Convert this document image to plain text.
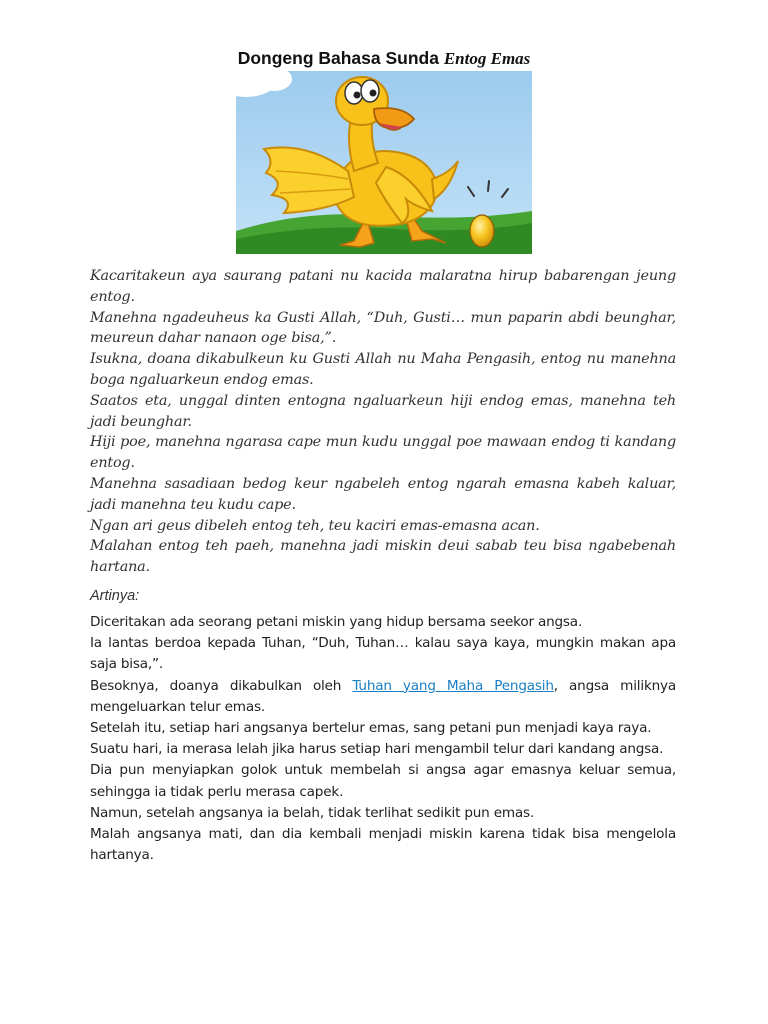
Dongeng Bahasa Sunda Entog Emas

Kacaritakeun aya saurang patani nu kacida malaratna hirup babarengan jeung entog.

Manehna ngadeuheus ka Gusti Allah, “Duh, Gusti… mun paparin abdi beunghar, meureun dahar nanaon oge bisa,”.

Isukna, doana dikabulkeun ku Gusti Allah nu Maha Pengasih, entog nu manehna boga ngaluarkeun endog emas.

Saatos eta, unggal dinten entogna ngaluarkeun hiji endog emas, manehna teh jadi beunghar.

Hiji poe, manehna ngarasa cape mun kudu unggal poe mawaan endog ti kandang entog.

Manehna sasadiaan bedog keur ngabeleh entog ngarah emasna kabeh kaluar, jadi manehna teu kudu cape.

Ngan ari geus dibeleh entog teh, teu kaciri emas-emasna acan.

Malahan entog teh paeh, manehna jadi miskin deui sabab teu bisa ngabebenah hartana.

Artinya:

Diceritakan ada seorang petani miskin yang hidup bersama seekor angsa.

Ia lantas berdoa kepada Tuhan, “Duh, Tuhan… kalau saya kaya, mungkin makan apa saja bisa,”.

Besoknya, doanya dikabulkan oleh Tuhan yang Maha Pengasih, angsa miliknya mengeluarkan telur emas.

Setelah itu, setiap hari angsanya bertelur emas, sang petani pun menjadi kaya raya.

Suatu hari, ia merasa lelah jika harus setiap hari mengambil telur dari kandang angsa.

Dia pun menyiapkan golok untuk membelah si angsa agar emasnya keluar semua, sehingga ia tidak perlu merasa capek.

Namun, setelah angsanya ia belah, tidak terlihat sedikit pun emas.

Malah angsanya mati, dan dia kembali menjadi miskin karena tidak bisa mengelola hartanya.
